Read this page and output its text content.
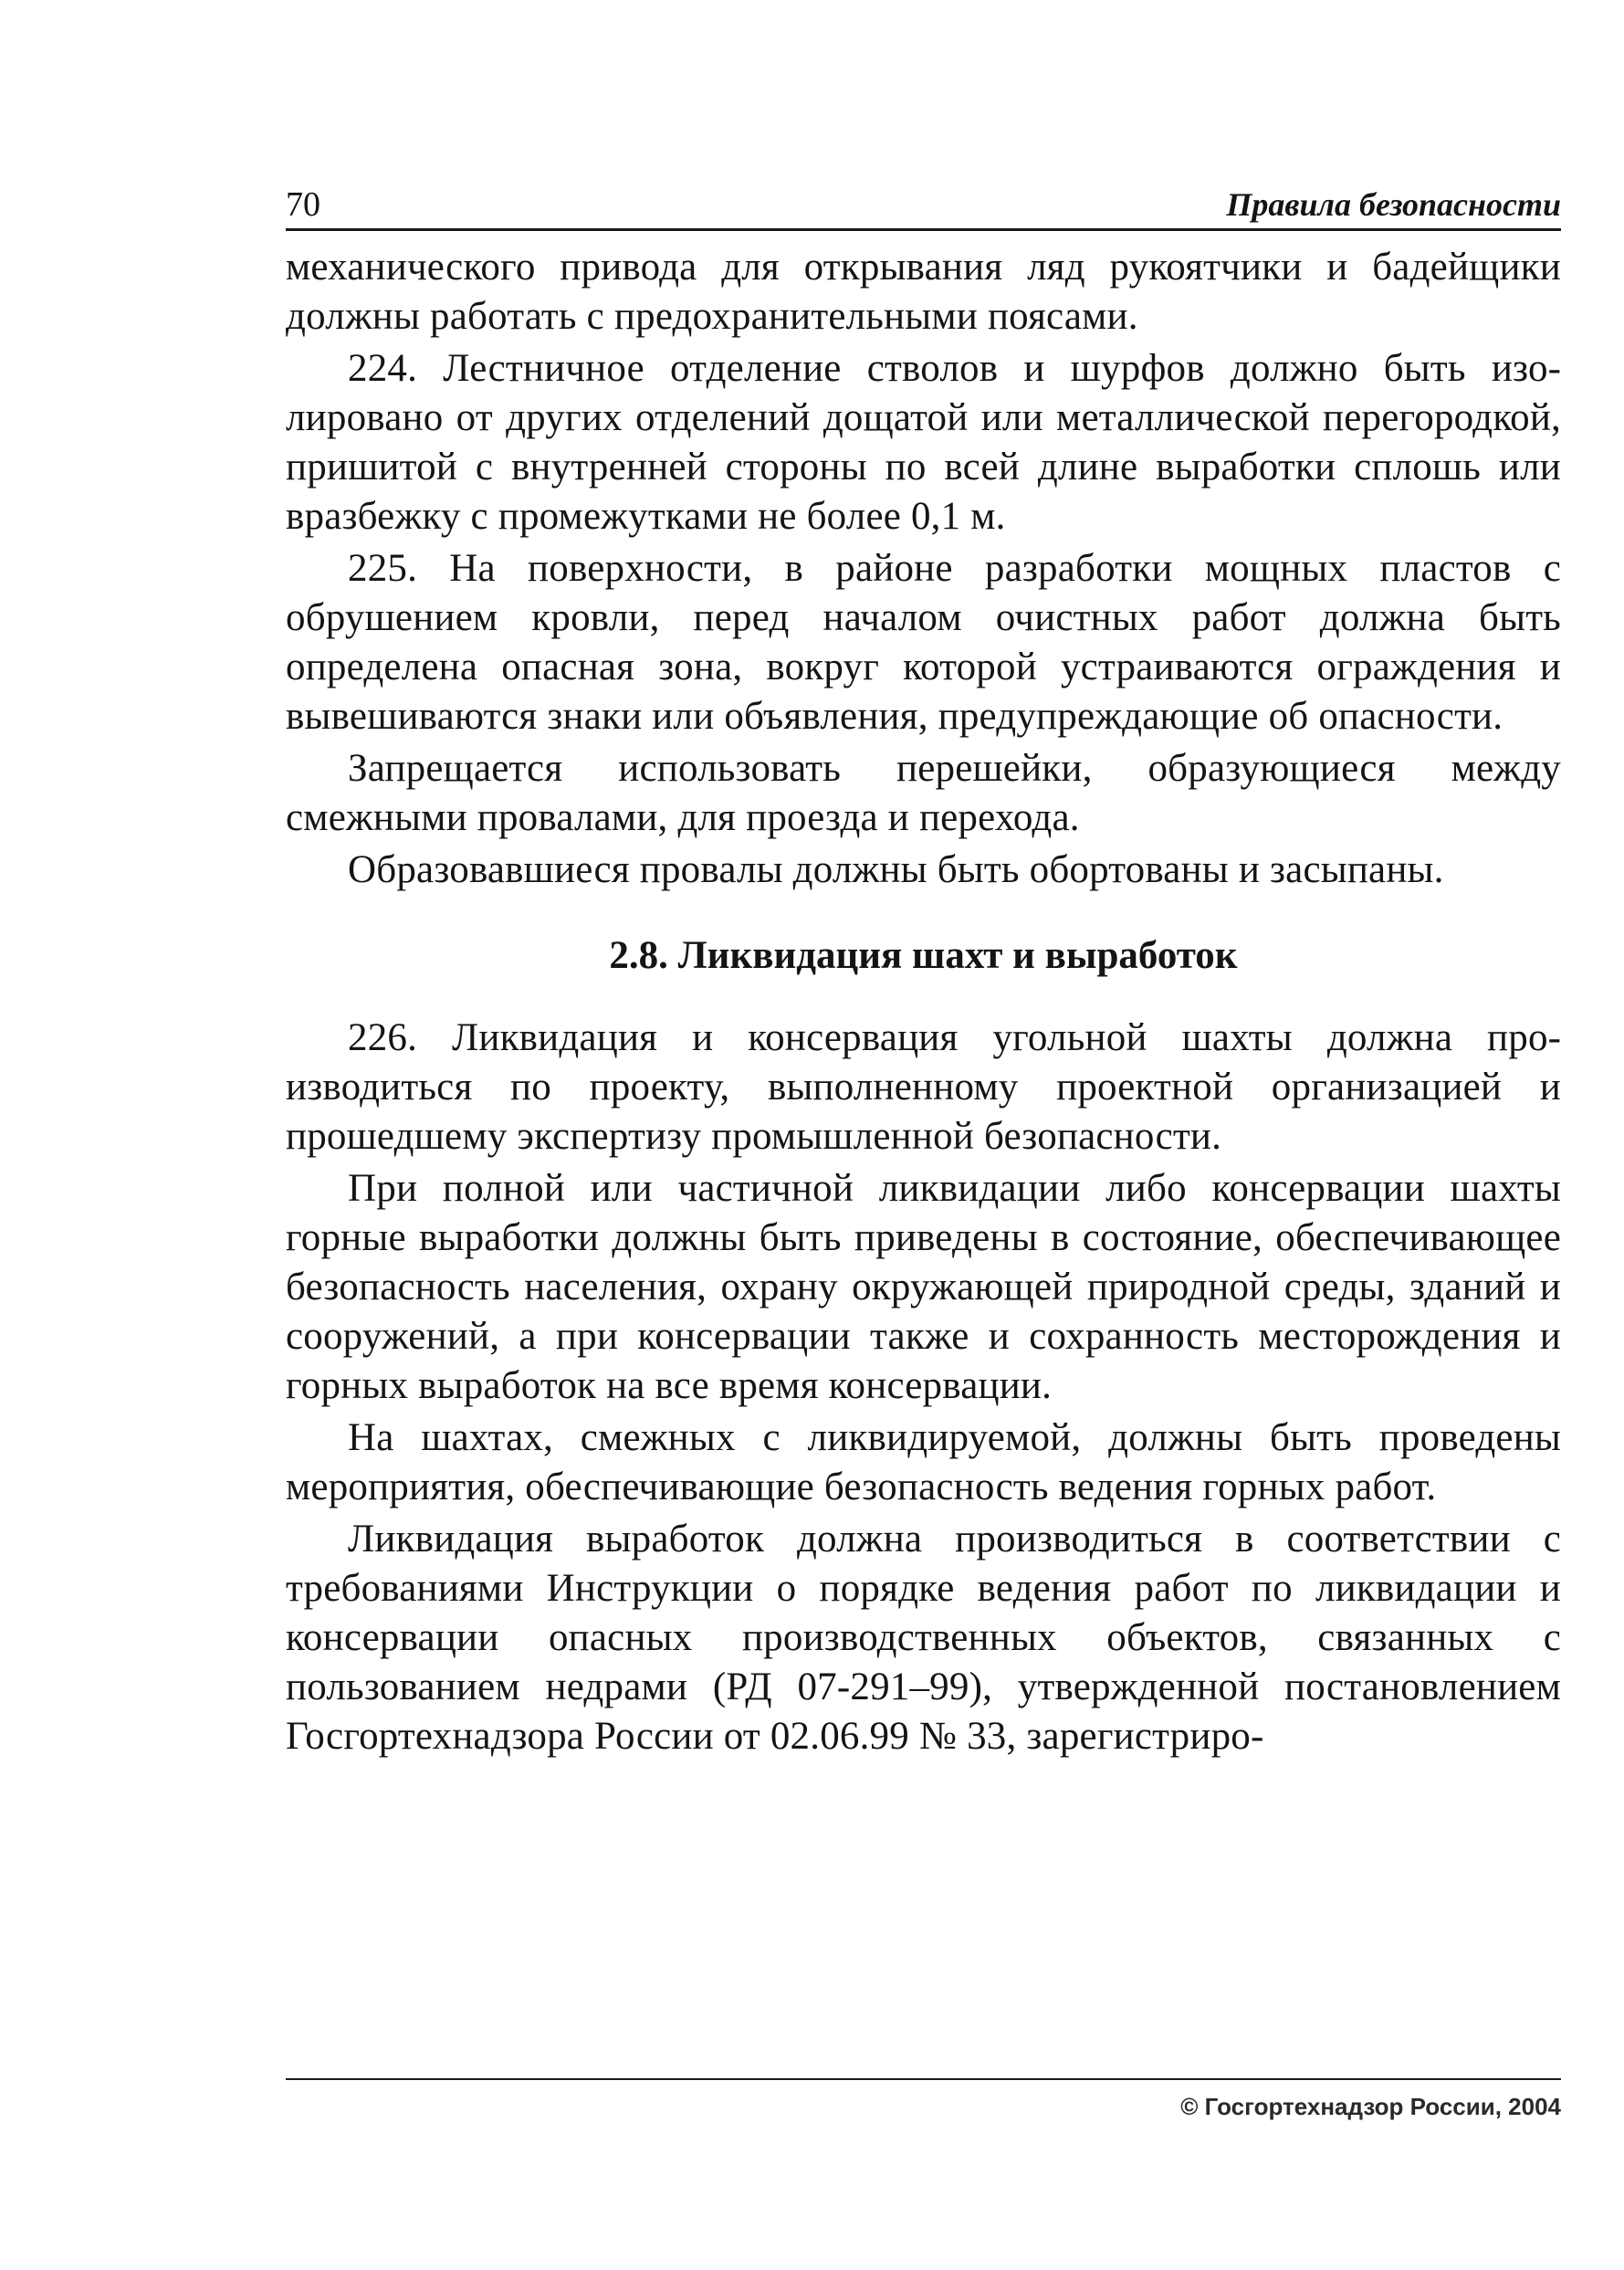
70	Правила безопасности

механического привода для открывания ляд рукоятчики и бадейщики должны работать с предохранительными поясами.

224. Лестничное отделение стволов и шурфов должно быть изолировано от других отделений дощатой или металлической перегородкой, пришитой с внутренней стороны по всей длине выработки сплошь или вразбежку с промежутками не более 0,1 м.

225. На поверхности, в районе разработки мощных пластов с обрушением кровли, перед началом очистных работ должна быть определена опасная зона, вокруг которой устраиваются ограждения и вывешиваются знаки или объявления, предупреждающие об опасности.

Запрещается использовать перешейки, образующиеся между смежными провалами, для проезда и перехода.

Образовавшиеся провалы должны быть обортованы и засыпаны.

2.8. Ликвидация шахт и выработок

226. Ликвидация и консервация угольной шахты должна производиться по проекту, выполненному проектной организацией и прошедшему экспертизу промышленной безопасности.

При полной или частичной ликвидации либо консервации шахты горные выработки должны быть приведены в состояние, обеспечивающее безопасность населения, охрану окружающей природной среды, зданий и сооружений, а при консервации также и сохранность месторождения и горных выработок на все время консервации.

На шахтах, смежных с ликвидируемой, должны быть проведены мероприятия, обеспечивающие безопасность ведения горных работ.

Ликвидация выработок должна производиться в соответствии с требованиями Инструкции о порядке ведения работ по ликвидации и консервации опасных производственных объектов, связанных с пользованием недрами (РД 07-291–99), утвержденной постановлением Госгортехнадзора России от 02.06.99 № 33, зарегистриро-

© Госгортехнадзор России, 2004
